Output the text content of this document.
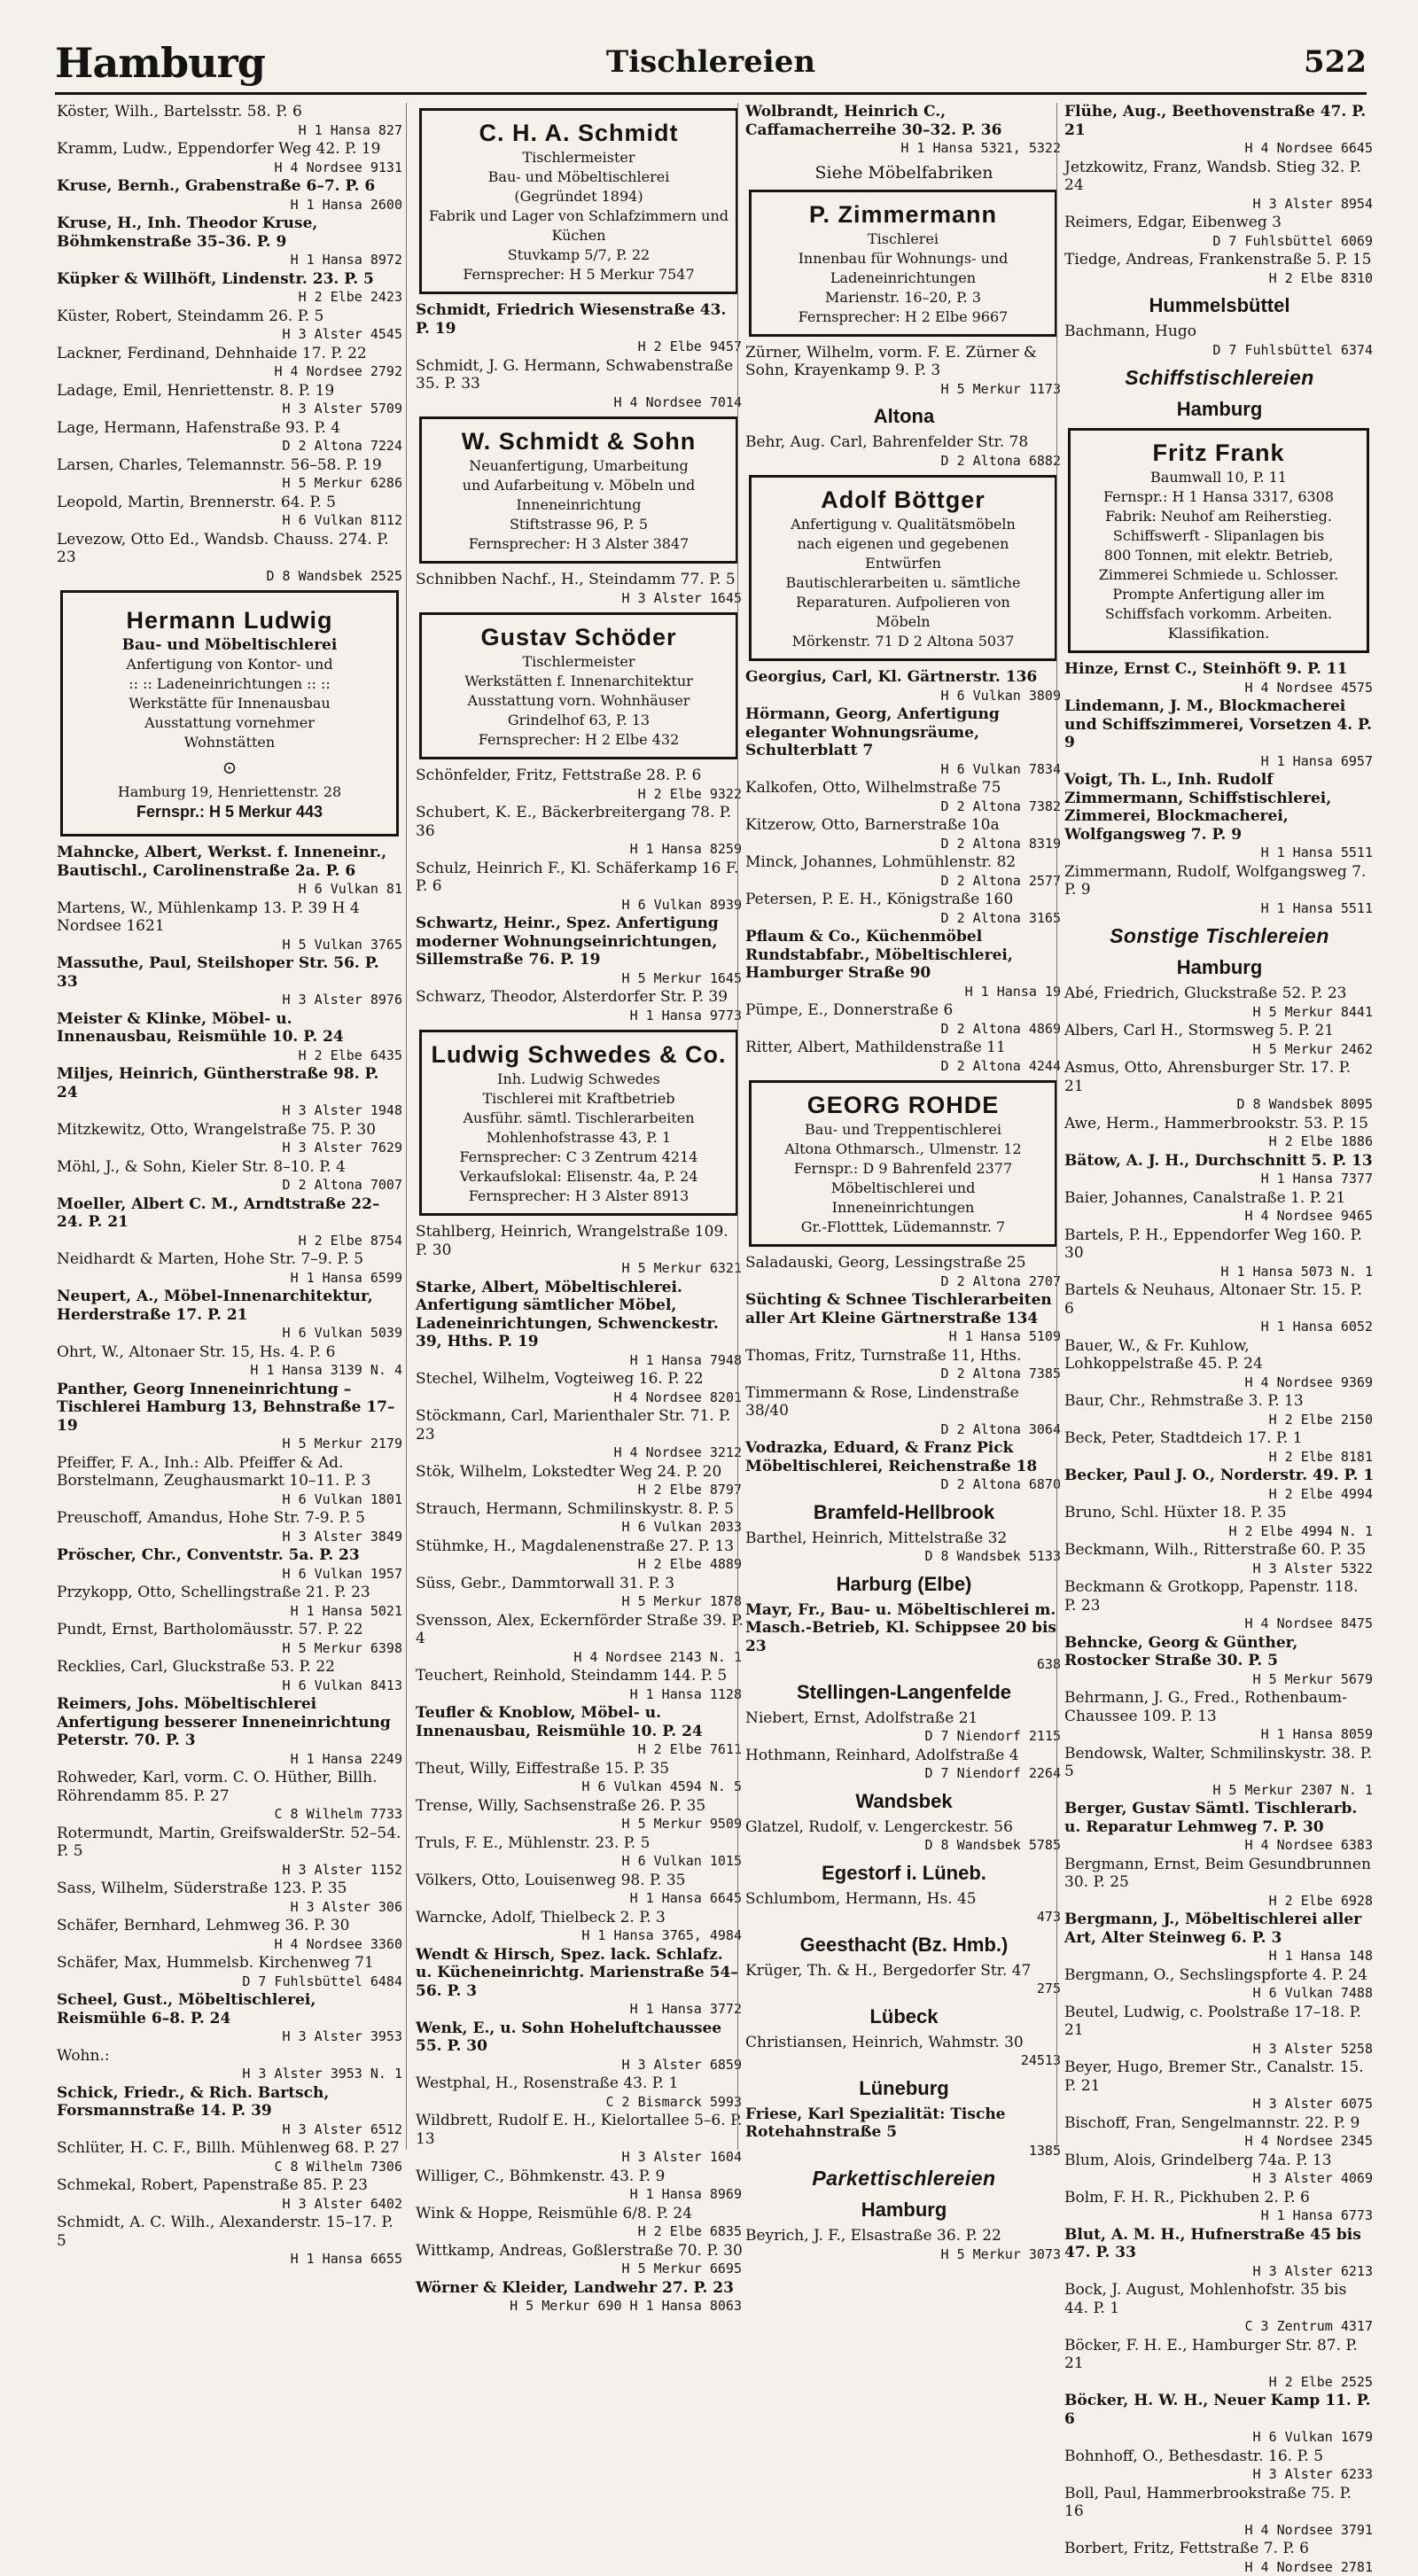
Hamburg	Tischlereien	522
Köster, Wilh., Bartelsstr. 58. P. 6
H 1 Hansa 827
Kramm, Ludw., Eppendorfer Weg 42. P. 19
H 4 Nordsee 9131
Kruse, Bernh., Grabenstraße 6–7. P. 6
H 1 Hansa 2600
Kruse, H., Inh. Theodor Kruse, Böhmkenstraße 35–36. P. 9
H 1 Hansa 8972
Küpker & Willhöft, Lindenstr. 23. P. 5
H 2 Elbe 2423
Küster, Robert, Steindamm 26. P. 5
H 3 Alster 4545
Lackner, Ferdinand, Dehnhaide 17. P. 22
H 4 Nordsee 2792
Ladage, Emil, Henriettenstr. 8. P. 19
H 3 Alster 5709
Lage, Hermann, Hafenstraße 93. P. 4
D 2 Altona 7224
Larsen, Charles, Telemannstr. 56–58. P. 19
H 5 Merkur 6286
Leopold, Martin, Brennerstr. 64. P. 5
H 6 Vulkan 8112
Levezow, Otto Ed., Wandsb. Chauss. 274. P. 23
D 8 Wandsbek 2525
Hermann Ludwig
Bau- und Möbeltischlerei
Anfertigung von Kontor- und
:: :: Ladeneinrichtungen :: ::
Werkstätte für Innenausbau
Ausstattung vornehmer
Wohnstätten
⊙
Hamburg 19, Henriettenstr. 28
Fernspr.: H 5 Merkur 443
Mahncke, Albert, Werkst. f. Inneneinr., Bautischl., Carolinenstraße 2a. P. 6
H 6 Vulkan 81
Martens, W., Mühlenkamp 13. P. 39 H 4 Nordsee 1621
H 5 Vulkan 3765
Massuthe, Paul, Steilshoper Str. 56. P. 33
H 3 Alster 8976
Meister & Klinke, Möbel- u. Innenausbau, Reismühle 10. P. 24
H 2 Elbe 6435
Miljes, Heinrich, Güntherstraße 98. P. 24
H 3 Alster 1948
Mitzkewitz, Otto, Wrangelstraße 75. P. 30
H 3 Alster 7629
Möhl, J., & Sohn, Kieler Str. 8–10. P. 4
D 2 Altona 7007
Moeller, Albert C. M., Arndtstraße 22–24. P. 21
H 2 Elbe 8754
Neidhardt & Marten, Hohe Str. 7–9. P. 5
H 1 Hansa 6599
Neupert, A., Möbel-Innenarchitektur, Herderstraße 17. P. 21
H 6 Vulkan 5039
Ohrt, W., Altonaer Str. 15, Hs. 4. P. 6
H 1 Hansa 3139 N. 4
Panther, Georg Inneneinrichtung – Tischlerei Hamburg 13, Behnstraße 17–19
H 5 Merkur 2179
Pfeiffer, F. A., Inh.: Alb. Pfeiffer & Ad. Borstelmann, Zeughausmarkt 10–11. P. 3
H 6 Vulkan 1801
Preuschoff, Amandus, Hohe Str. 7-9. P. 5
H 3 Alster 3849
Pröscher, Chr., Conventstr. 5a. P. 23
H 6 Vulkan 1957
Przykopp, Otto, Schellingstraße 21. P. 23
H 1 Hansa 5021
Pundt, Ernst, Bartholomäusstr. 57. P. 22
H 5 Merkur 6398
Recklies, Carl, Gluckstraße 53. P. 22
H 6 Vulkan 8413
Reimers, Johs. Möbeltischlerei Anfertigung besserer Inneneinrichtung Peterstr. 70. P. 3
H 1 Hansa 2249
Rohweder, Karl, vorm. C. O. Hüther, Billh. Röhrendamm 85. P. 27
C 8 Wilhelm 7733
Rotermundt, Martin, GreifswalderStr. 52–54. P. 5
H 3 Alster 1152
Sass, Wilhelm, Süderstraße 123. P. 35
H 3 Alster 306
Schäfer, Bernhard, Lehmweg 36. P. 30
H 4 Nordsee 3360
Schäfer, Max, Hummelsb. Kirchenweg 71
D 7 Fuhlsbüttel 6484
Scheel, Gust., Möbeltischlerei, Reismühle 6–8. P. 24
H 3 Alster 3953
Wohn.:
H 3 Alster 3953 N. 1
Schick, Friedr., & Rich. Bartsch, Forsmannstraße 14. P. 39
H 3 Alster 6512
Schlüter, H. C. F., Billh. Mühlenweg 68. P. 27
C 8 Wilhelm 7306
Schmekal, Robert, Papenstraße 85. P. 23
H 3 Alster 6402
Schmidt, A. C. Wilh., Alexanderstr. 15–17. P. 5
H 1 Hansa 6655
C. H. A. Schmidt
Tischlermeister
Bau- und Möbeltischlerei
(Gegründet 1894)
Fabrik und Lager von Schlafzimmern und Küchen
Stuvkamp 5/7, P. 22
Fernsprecher: H 5 Merkur 7547
Schmidt, Friedrich Wiesenstraße 43. P. 19
H 2 Elbe 9457
Schmidt, J. G. Hermann, Schwabenstraße 35. P. 33
H 4 Nordsee 7014
W. Schmidt & Sohn
Neuanfertigung, Umarbeitung
und Aufarbeitung v. Möbeln und
Inneneinrichtung
Stiftstrasse 96, P. 5
Fernsprecher: H 3 Alster 3847
Schnibben Nachf., H., Steindamm 77. P. 5
H 3 Alster 1645
Gustav Schöder
Tischlermeister
Werkstätten f. Innenarchitektur
Ausstattung vorn. Wohnhäuser
Grindelhof 63, P. 13
Fernsprecher: H 2 Elbe 432
Schönfelder, Fritz, Fettstraße 28. P. 6
H 2 Elbe 9322
Schubert, K. E., Bäckerbreitergang 78. P. 36
H 1 Hansa 8259
Schulz, Heinrich F., Kl. Schäferkamp 16 F. P. 6
H 6 Vulkan 8939
Schwartz, Heinr., Spez. Anfertigung moderner Wohnungseinrichtungen, Sillemstraße 76. P. 19
H 5 Merkur 1645
Schwarz, Theodor, Alsterdorfer Str. P. 39
H 1 Hansa 9773
Ludwig Schwedes & Co.
Inh. Ludwig Schwedes
Tischlerei mit Kraftbetrieb
Ausführ. sämtl. Tischlerarbeiten
Mohlenhofstrasse 43, P. 1
Fernsprecher: C 3 Zentrum 4214
Verkaufslokal: Elisenstr. 4a, P. 24
Fernsprecher: H 3 Alster 8913
Stahlberg, Heinrich, Wrangelstraße 109. P. 30
H 5 Merkur 6321
Starke, Albert, Möbeltischlerei. Anfertigung sämtlicher Möbel, Ladeneinrichtungen, Schwenckestr. 39, Hths. P. 19
H 1 Hansa 7948
Stechel, Wilhelm, Vogteiweg 16. P. 22
H 4 Nordsee 8201
Stöckmann, Carl, Marienthaler Str. 71. P. 23
H 4 Nordsee 3212
Stök, Wilhelm, Lokstedter Weg 24. P. 20
H 2 Elbe 8797
Strauch, Hermann, Schmilinskystr. 8. P. 5
H 6 Vulkan 2033
Stühmke, H., Magdalenenstraße 27. P. 13
H 2 Elbe 4889
Süss, Gebr., Dammtorwall 31. P. 3
H 5 Merkur 1878
Svensson, Alex, Eckernförder Straße 39. P. 4
H 4 Nordsee 2143 N. 1
Teuchert, Reinhold, Steindamm 144. P. 5
H 1 Hansa 1128
Teufler & Knoblow, Möbel- u. Innenausbau, Reismühle 10. P. 24
H 2 Elbe 7611
Theut, Willy, Eiffestraße 15. P. 35
H 6 Vulkan 4594 N. 5
Trense, Willy, Sachsenstraße 26. P. 35
H 5 Merkur 9509
Truls, F. E., Mühlenstr. 23. P. 5
H 6 Vulkan 1015
Völkers, Otto, Louisenweg 98. P. 35
H 1 Hansa 6645
Warncke, Adolf, Thielbeck 2. P. 3
H 1 Hansa 3765, 4984
Wendt & Hirsch, Spez. lack. Schlafz. u. Kücheneinrichtg. Marienstraße 54–56. P. 3
H 1 Hansa 3772
Wenk, E., u. Sohn Hoheluftchaussee 55. P. 30
H 3 Alster 6859
Westphal, H., Rosenstraße 43. P. 1
C 2 Bismarck 5993
Wildbrett, Rudolf E. H., Kielortallee 5–6. P. 13
H 3 Alster 1604
Williger, C., Böhmkenstr. 43. P. 9
H 1 Hansa 8969
Wink & Hoppe, Reismühle 6/8. P. 24
H 2 Elbe 6835
Wittkamp, Andreas, Goßlerstraße 70. P. 30
H 5 Merkur 6695
Wörner & Kleider, Landwehr 27. P. 23
H 5 Merkur 690 H 1 Hansa 8063
Wolbrandt, Heinrich C., Caffamacherreihe 30–32. P. 36
H 1 Hansa 5321, 5322
Siehe Möbelfabriken
P. Zimmermann
Tischlerei
Innenbau für Wohnungs- und Ladeneinrichtungen
Marienstr. 16–20, P. 3
Fernsprecher: H 2 Elbe 9667
Zürner, Wilhelm, vorm. F. E. Zürner & Sohn, Krayenkamp 9. P. 3
H 5 Merkur 1173
Altona
Behr, Aug. Carl, Bahrenfelder Str. 78
D 2 Altona 6882
Adolf Böttger
Anfertigung v. Qualitätsmöbeln
nach eigenen und gegebenen
Entwürfen
Bautischlerarbeiten u. sämtliche
Reparaturen. Aufpolieren von
Möbeln
Mörkenstr. 71 D 2 Altona 5037
Georgius, Carl, Kl. Gärtnerstr. 136
H 6 Vulkan 3809
Hörmann, Georg, Anfertigung eleganter Wohnungsräume, Schulterblatt 7
H 6 Vulkan 7834
Kalkofen, Otto, Wilhelmstraße 75
D 2 Altona 7382
Kitzerow, Otto, Barnerstraße 10a
D 2 Altona 8319
Minck, Johannes, Lohmühlenstr. 82
D 2 Altona 2577
Petersen, P. E. H., Königstraße 160
D 2 Altona 3165
Pflaum & Co., Küchenmöbel Rundstabfabr., Möbeltischlerei, Hamburger Straße 90
H 1 Hansa 19
Pümpe, E., Donnerstraße 6
D 2 Altona 4869
Ritter, Albert, Mathildenstraße 11
D 2 Altona 4244
GEORG ROHDE
Bau- und Treppentischlerei
Altona Othmarsch., Ulmenstr. 12
Fernspr.: D 9 Bahrenfeld 2377
Möbeltischlerei und
Inneneinrichtungen
Gr.-Flotttek, Lüdemannstr. 7
Saladauski, Georg, Lessingstraße 25
D 2 Altona 2707
Süchting & Schnee Tischlerarbeiten aller Art Kleine Gärtnerstraße 134
H 1 Hansa 5109
Thomas, Fritz, Turnstraße 11, Hths.
D 2 Altona 7385
Timmermann & Rose, Lindenstraße 38/40
D 2 Altona 3064
Vodrazka, Eduard, & Franz Pick Möbeltischlerei, Reichenstraße 18
D 2 Altona 6870
Bramfeld-Hellbrook
Barthel, Heinrich, Mittelstraße 32
D 8 Wandsbek 5133
Harburg (Elbe)
Mayr, Fr., Bau- u. Möbeltischlerei m. Masch.-Betrieb, Kl. Schippsee 20 bis 23
638
Stellingen-Langenfelde
Niebert, Ernst, Adolfstraße 21
D 7 Niendorf 2115
Hothmann, Reinhard, Adolfstraße 4
D 7 Niendorf 2264
Wandsbek
Glatzel, Rudolf, v. Lengerckestr. 56
D 8 Wandsbek 5785
Egestorf i. Lüneb.
Schlumbom, Hermann, Hs. 45
473
Geesthacht (Bz. Hmb.)
Krüger, Th. & H., Bergedorfer Str. 47
275
Lübeck
Christiansen, Heinrich, Wahmstr. 30
24513
Lüneburg
Friese, Karl Spezialität: Tische Rotehahnstraße 5
1385
Parkettischlereien
Hamburg
Beyrich, J. F., Elsastraße 36. P. 22
H 5 Merkur 3073
Flühe, Aug., Beethovenstraße 47. P. 21
H 4 Nordsee 6645
Jetzkowitz, Franz, Wandsb. Stieg 32. P. 24
H 3 Alster 8954
Reimers, Edgar, Eibenweg 3
D 7 Fuhlsbüttel 6069
Tiedge, Andreas, Frankenstraße 5. P. 15
H 2 Elbe 8310
Hummelsbüttel
Bachmann, Hugo
D 7 Fuhlsbüttel 6374
Schiffstischlereien
Hamburg
Fritz Frank
Baumwall 10, P. 11
Fernspr.: H 1 Hansa 3317, 6308
Fabrik: Neuhof am Reiherstieg.
Schiffswerft - Slipanlagen bis
800 Tonnen, mit elektr. Betrieb,
Zimmerei Schmiede u. Schlosser.
Prompte Anfertigung aller im
Schiffsfach vorkomm. Arbeiten.
Klassifikation.
Hinze, Ernst C., Steinhöft 9. P. 11
H 4 Nordsee 4575
Lindemann, J. M., Blockmacherei und Schiffszimmerei, Vorsetzen 4. P. 9
H 1 Hansa 6957
Voigt, Th. L., Inh. Rudolf Zimmermann, Schiffstischlerei, Zimmerei, Blockmacherei, Wolfgangsweg 7. P. 9
H 1 Hansa 5511
Zimmermann, Rudolf, Wolfgangsweg 7. P. 9
H 1 Hansa 5511
Sonstige Tischlereien
Hamburg
Abé, Friedrich, Gluckstraße 52. P. 23
H 5 Merkur 8441
Albers, Carl H., Stormsweg 5. P. 21
H 5 Merkur 2462
Asmus, Otto, Ahrensburger Str. 17. P. 21
D 8 Wandsbek 8095
Awe, Herm., Hammerbrookstr. 53. P. 15
H 2 Elbe 1886
Bätow, A. J. H., Durchschnitt 5. P. 13
H 1 Hansa 7377
Baier, Johannes, Canalstraße 1. P. 21
H 4 Nordsee 9465
Bartels, P. H., Eppendorfer Weg 160. P. 30
H 1 Hansa 5073 N. 1
Bartels & Neuhaus, Altonaer Str. 15. P. 6
H 1 Hansa 6052
Bauer, W., & Fr. Kuhlow, Lohkoppelstraße 45. P. 24
H 4 Nordsee 9369
Baur, Chr., Rehmstraße 3. P. 13
H 2 Elbe 2150
Beck, Peter, Stadtdeich 17. P. 1
H 2 Elbe 8181
Becker, Paul J. O., Norderstr. 49. P. 1
H 2 Elbe 4994
Bruno, Schl. Hüxter 18. P. 35
H 2 Elbe 4994 N. 1
Beckmann, Wilh., Ritterstraße 60. P. 35
H 3 Alster 5322
Beckmann & Grotkopp, Papenstr. 118. P. 23
H 4 Nordsee 8475
Behncke, Georg & Günther, Rostocker Straße 30. P. 5
H 5 Merkur 5679
Behrmann, J. G., Fred., Rothenbaum-Chaussee 109. P. 13
H 1 Hansa 8059
Bendowsk, Walter, Schmilinskystr. 38. P. 5
H 5 Merkur 2307 N. 1
Berger, Gustav Sämtl. Tischlerarb. u. Reparatur Lehmweg 7. P. 30
H 4 Nordsee 6383
Bergmann, Ernst, Beim Gesundbrunnen 30. P. 25
H 2 Elbe 6928
Bergmann, J., Möbeltischlerei aller Art, Alter Steinweg 6. P. 3
H 1 Hansa 148
Bergmann, O., Sechslingspforte 4. P. 24
H 6 Vulkan 7488
Beutel, Ludwig, c. Poolstraße 17–18. P. 21
H 3 Alster 5258
Beyer, Hugo, Bremer Str., Canalstr. 15. P. 21
H 3 Alster 6075
Bischoff, Fran, Sengelmannstr. 22. P. 9
H 4 Nordsee 2345
Blum, Alois, Grindelberg 74a. P. 13
H 3 Alster 4069
Bolm, F. H. R., Pickhuben 2. P. 6
H 1 Hansa 6773
Blut, A. M. H., Hufnerstraße 45 bis 47. P. 33
H 3 Alster 6213
Bock, J. August, Mohlenhofstr. 35 bis 44. P. 1
C 3 Zentrum 4317
Böcker, F. H. E., Hamburger Str. 87. P. 21
H 2 Elbe 2525
Böcker, H. W. H., Neuer Kamp 11. P. 6
H 6 Vulkan 1679
Bohnhoff, O., Bethesdastr. 16. P. 5
H 3 Alster 6233
Boll, Paul, Hammerbrookstraße 75. P. 16
H 4 Nordsee 3791
Borbert, Fritz, Fettstraße 7. P. 6
H 4 Nordsee 2781
